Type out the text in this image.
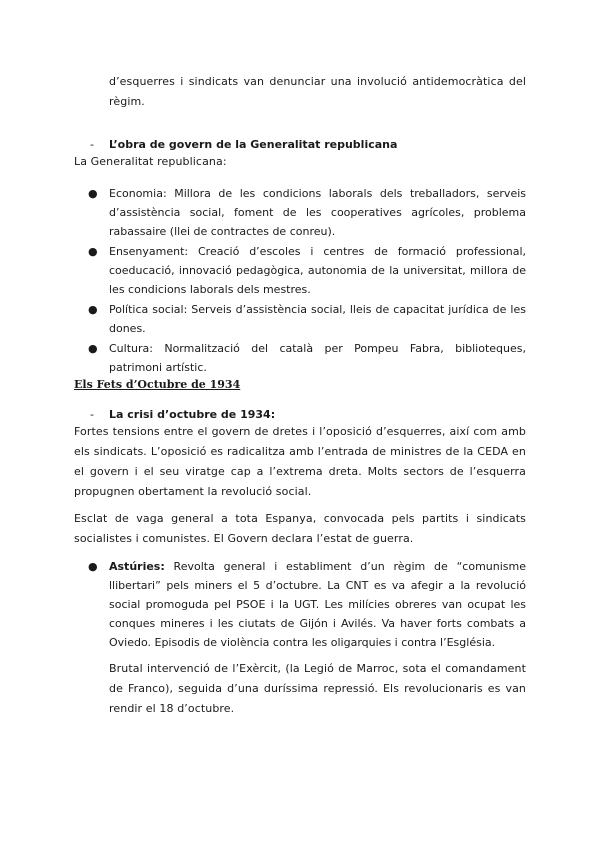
d’esquerres i sindicats van denunciar una involució antidemocràtica del règim.

- L’obra de govern de la Generalitat republicana

La Generalitat republicana:

● Economia: Millora de les condicions laborals dels treballadors, serveis d’assistència social, foment de les cooperatives agrícoles, problema rabassaire (llei de contractes de conreu).
● Ensenyament: Creació d’escoles i centres de formació professional, coeducació, innovació pedagògica, autonomia de la universitat, millora de les condicions laborals dels mestres.
● Política social: Serveis d’assistència social, lleis de capacitat jurídica de les dones.
● Cultura: Normalització del català per Pompeu Fabra, biblioteques, patrimoni artístic.
Els Fets d’Octubre de 1934
- La crisi d’octubre de 1934:

Fortes tensions entre el govern de dretes i l’oposició d’esquerres, així com amb els sindicats. L’oposició es radicalitza amb l’entrada de ministres de la CEDA en el govern i el seu viratge cap a l’extrema dreta. Molts sectors de l’esquerra propugnen obertament la revolució social.

Esclat de vaga general a tota Espanya, convocada pels partits i sindicats socialistes i comunistes. El Govern declara l’estat de guerra.

● Astúries: Revolta general i establiment d’un règim de “comunisme llibertari” pels miners el 5 d’octubre. La CNT es va afegir a la revolució social promoguda pel PSOE i la UGT. Les milícies obreres van ocupat les conques mineres i les ciutats de Gijón i Avilés. Va haver forts combats a Oviedo. Episodis de violència contra les oligarquies i contra l’Església.

Brutal intervenció de l’Exèrcit, (la Legió de Marroc, sota el comandament de Franco), seguida d’una duríssima repressió. Els revolucionaris es van rendir el 18 d’octubre.
